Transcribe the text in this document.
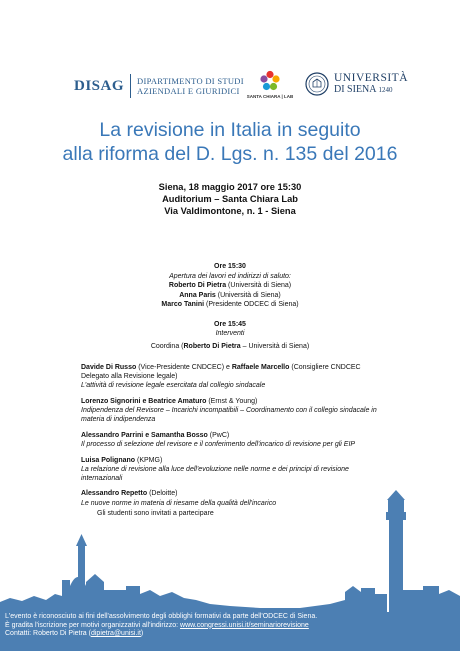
DISAG DIPARTIMENTO DI STUDI
AZIENDALI E GIURIDICI
SANTA CHIARA | LAB
UNIVERSITÀ
DI SIENA 1240
La revisione in Italia in seguito
alla riforma del D. Lgs. n. 135 del 2016
Siena, 18 maggio 2017 ore 15:30
Auditorium – Santa Chiara Lab
Via Valdimontone, n. 1 - Siena
Ore 15:30
Apertura dei lavori ed indirizzi di saluto:
Roberto Di Pietra (Università di Siena)
Anna Paris (Università di Siena)
Marco Tanini (Presidente ODCEC di Siena)
Ore 15:45
Interventi
Coordina (Roberto Di Pietra – Università di Siena)
Davide Di Russo (Vice-Presidente CNDCEC) e Raffaele Marcello (Consigliere CNDCEC Delegato alla Revisione legale)
L'attività di revisione legale esercitata dal collegio sindacale
Lorenzo Signorini e Beatrice Amaturo (Ernst & Young)
Indipendenza del Revisore – Incarichi incompatibili – Coordinamento con il collegio sindacale in materia di indipendenza
Alessandro Parrini e Samantha Bosso (PwC)
Il processo di selezione del revisore e il conferimento dell'incarico di revisione per gli EIP
Luisa Polignano (KPMG)
La relazione di revisione alla luce dell'evoluzione nelle norme e dei principi di revisione internazionali
Alessandro Repetto (Deloitte)
Le nuove norme in materia di riesame della qualità dell'incarico
Gli studenti sono invitati a partecipare
L'evento è riconosciuto ai fini dell'assolvimento degli obblighi formativi da parte dell'ODCEC di Siena.
È gradita l'iscrizione per motivi organizzativi all'indirizzo: www.congressi.unisi.it/seminariorevisione
Contatti: Roberto Di Pietra (dipietra@unisi.it)
